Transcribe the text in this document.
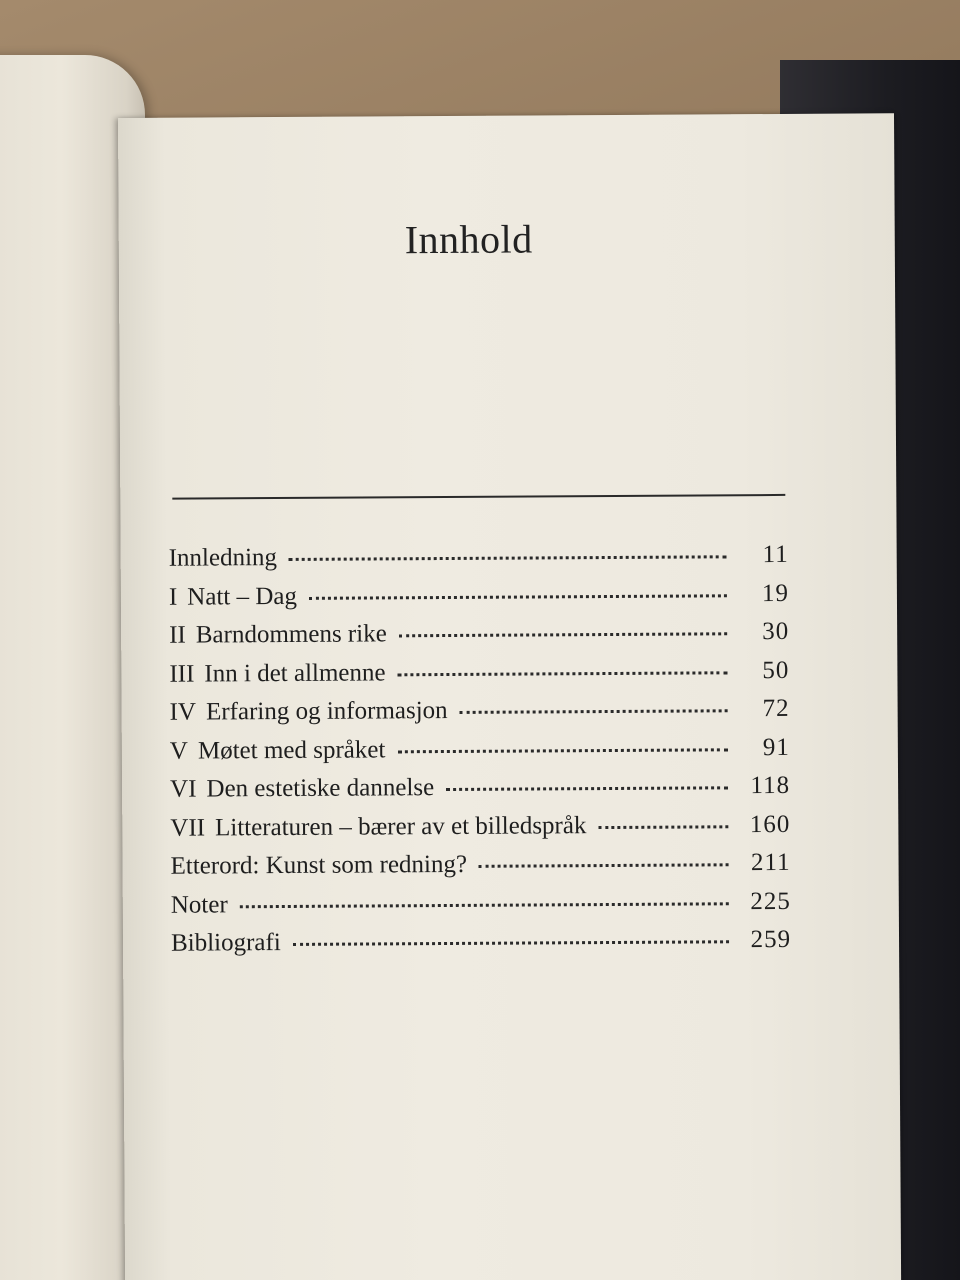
Innhold
Innledning	11
I Natt – Dag	19
II Barndommens rike	30
III Inn i det allmenne	50
IV Erfaring og informasjon	72
V Møtet med språket	91
VI Den estetiske dannelse	118
VII Litteraturen – bærer av et billedspråk	160
Etterord: Kunst som redning?	211
Noter	225
Bibliografi	259
